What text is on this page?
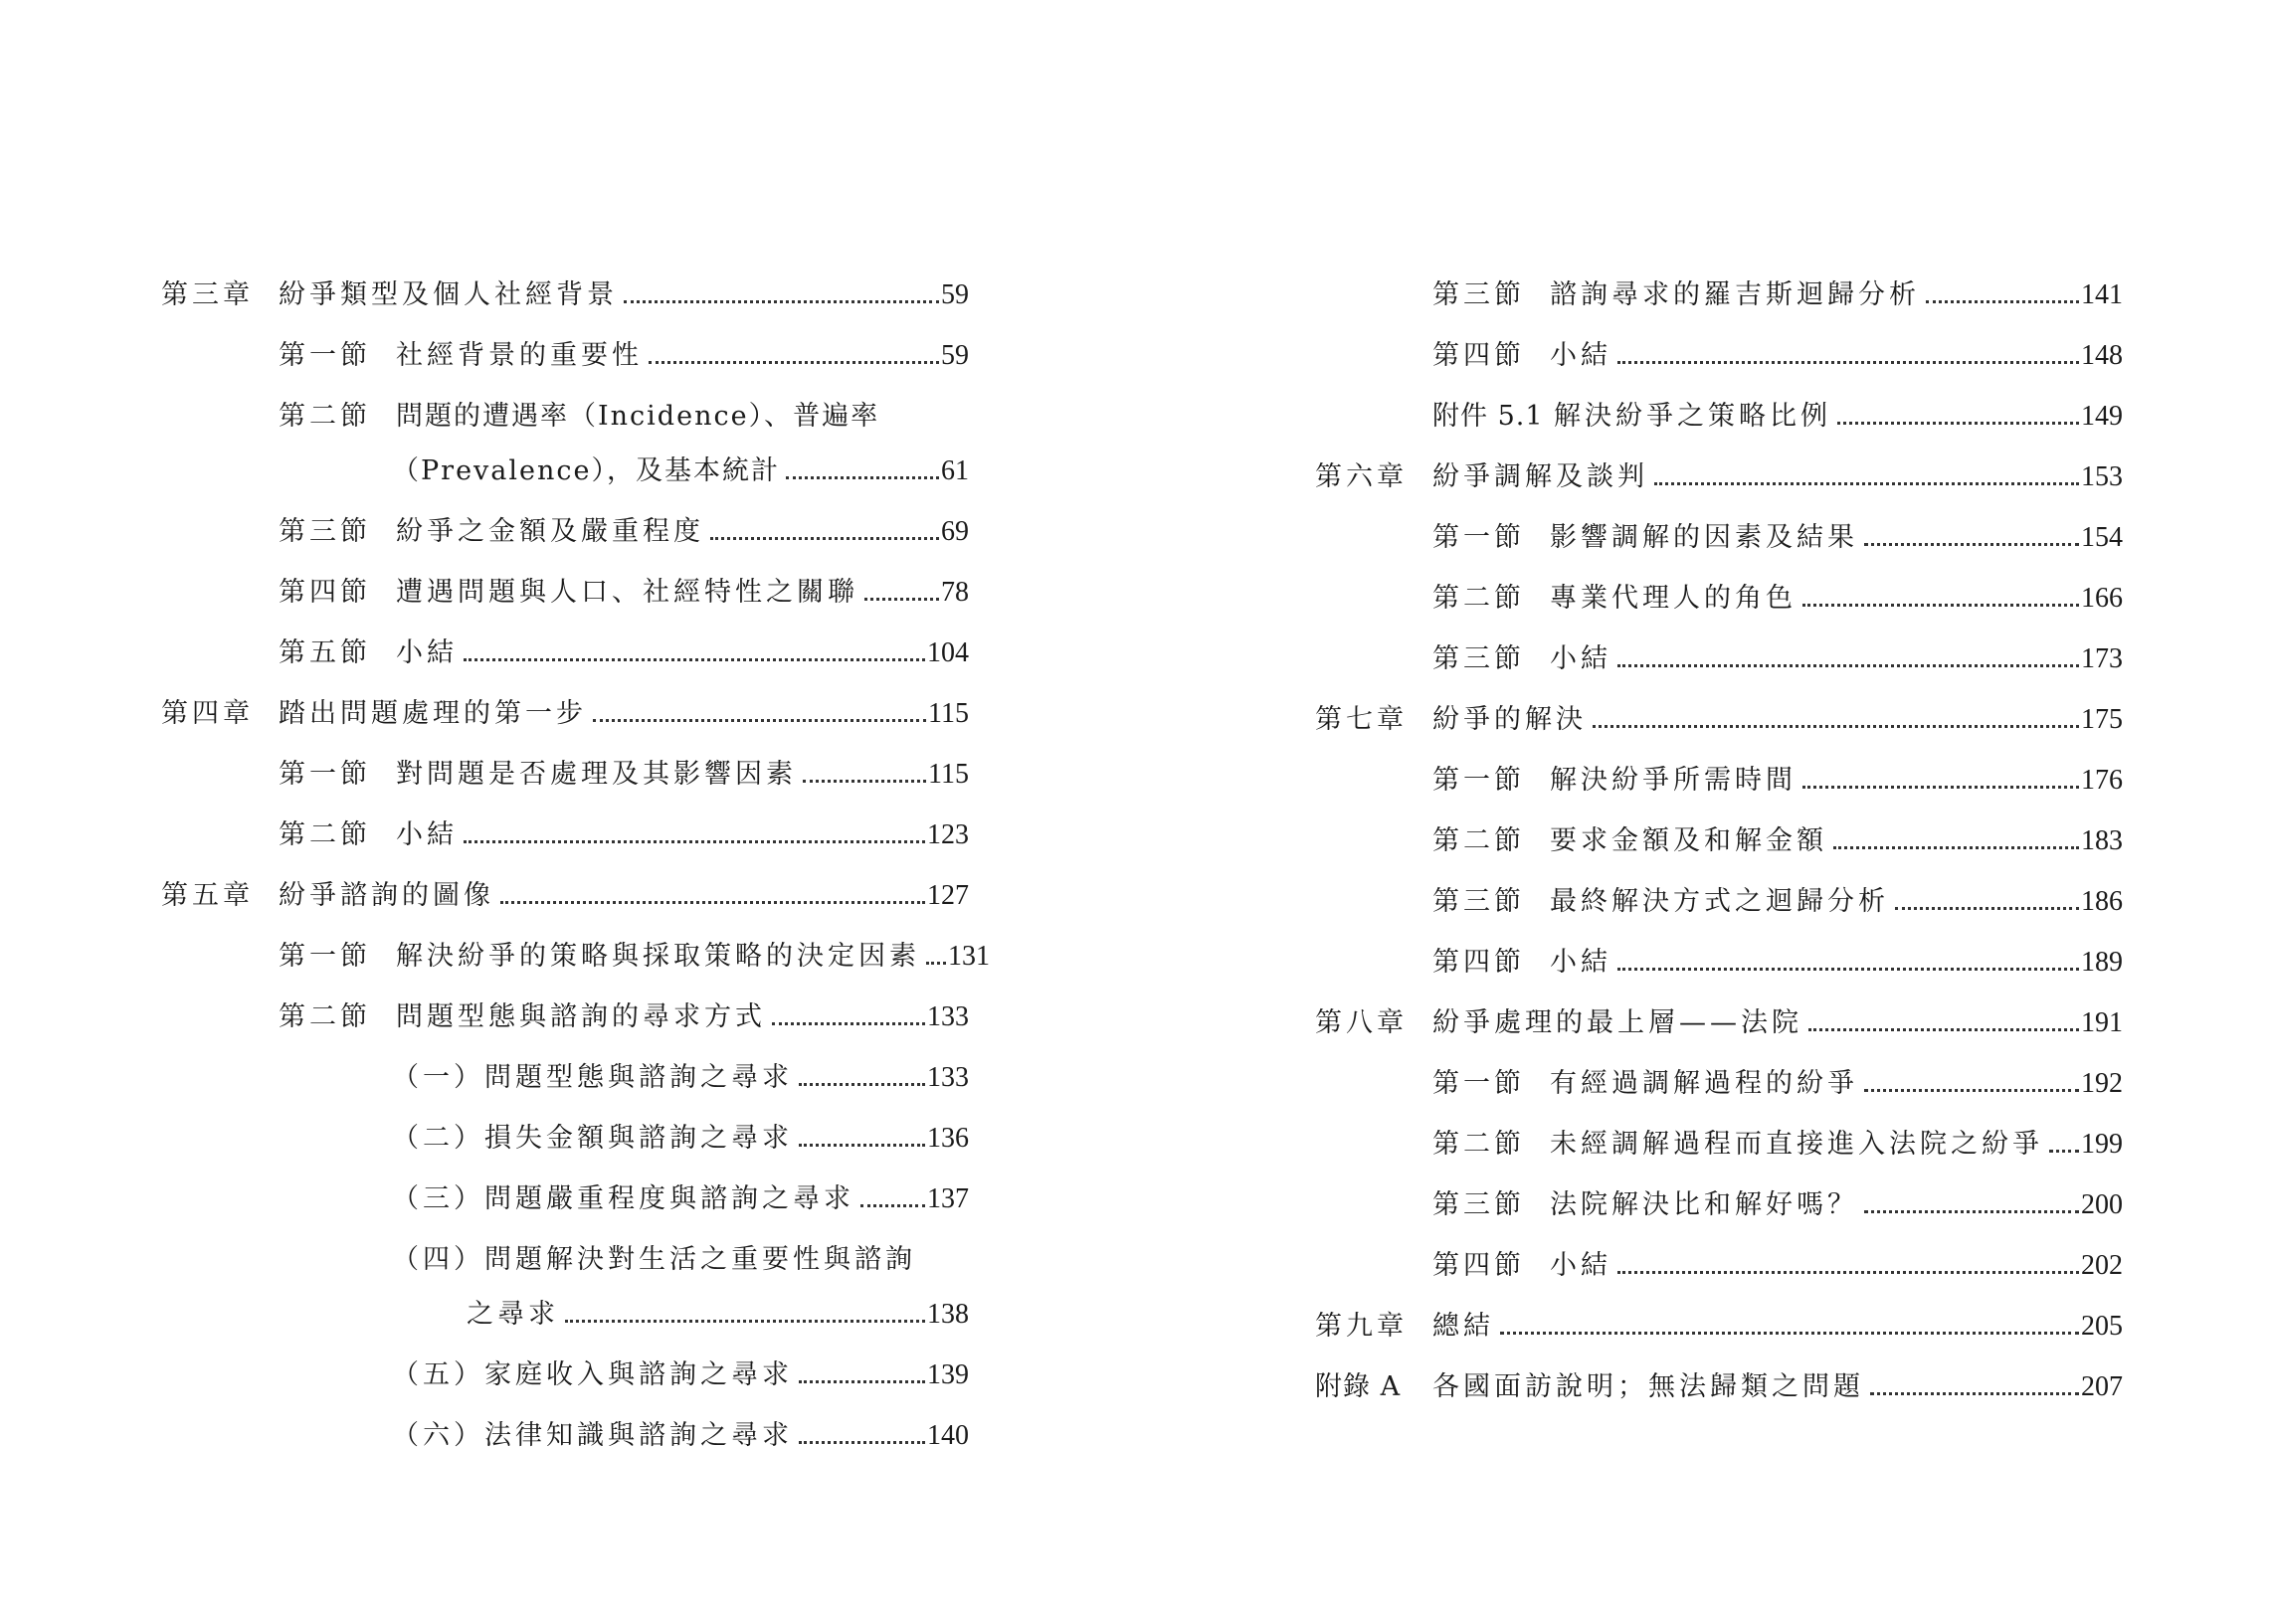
第三章 紛爭類型及個人社經背景	59
第一節 社經背景的重要性	59
第二節 問題的遭遇率（Incidence）、普遍率
（Prevalence），及基本統計	61
第三節 紛爭之金額及嚴重程度	69
第四節 遭遇問題與人口、社經特性之關聯	78
第五節 小結	104
第四章 踏出問題處理的第一步	115
第一節 對問題是否處理及其影響因素	115
第二節 小結	123
第五章 紛爭諮詢的圖像	127
第一節 解決紛爭的策略與採取策略的決定因素 131
第二節 問題型態與諮詢的尋求方式	133
（一）問題型態與諮詢之尋求	133
（二）損失金額與諮詢之尋求	136
（三）問題嚴重程度與諮詢之尋求	137
（四）問題解決對生活之重要性與諮詢
之尋求	138
（五）家庭收入與諮詢之尋求	139
（六）法律知識與諮詢之尋求	140
第三節 諮詢尋求的羅吉斯迴歸分析	141
第四節 小結	148
附件 5.1 解決紛爭之策略比例	149
第六章 紛爭調解及談判	153
第一節 影響調解的因素及結果	154
第二節 專業代理人的角色	166
第三節 小結	173
第七章 紛爭的解決	175
第一節 解決紛爭所需時間	176
第二節 要求金額及和解金額	183
第三節 最終解決方式之迴歸分析	186
第四節 小結	189
第八章 紛爭處理的最上層——法院	191
第一節 有經過調解過程的紛爭	192
第二節 未經調解過程而直接進入法院之紛爭 199
第三節 法院解決比和解好嗎？	200
第四節 小結	202
第九章 總結	205
附錄 A	各國面訪說明；無法歸類之問題	207
